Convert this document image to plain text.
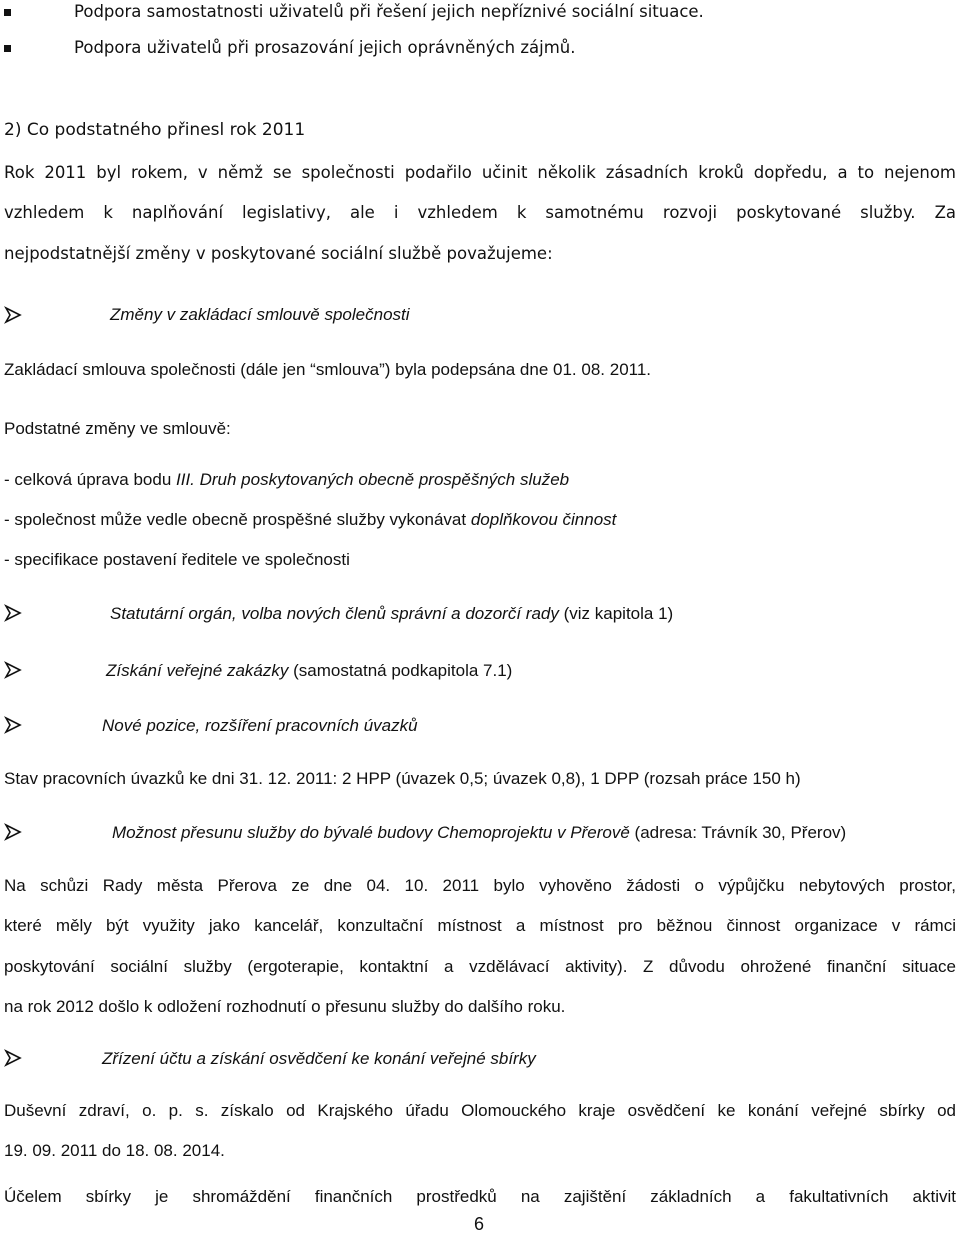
Podpora samostatnosti uživatelů při řešení jejich nepříznivé sociální situace.
Podpora uživatelů při prosazování jejich oprávněných zájmů.
2) Co podstatného přinesl rok 2011
Rok 2011 byl rokem, v němž se společnosti podařilo učinit několik zásadních kroků dopředu, a to nejenom
vzhledem k naplňování legislativy, ale i vzhledem k samotnému rozvoji poskytované služby. Za
nejpodstatnější změny v poskytované sociální službě považujeme:
Změny v zakládací smlouvě společnosti
Zakládací smlouva společnosti (dále jen “smlouva”) byla podepsána dne 01. 08. 2011.
Podstatné změny ve smlouvě:
- celková úprava bodu III. Druh poskytovaných obecně prospěšných služeb
- společnost může vedle obecně prospěšné služby vykonávat doplňkovou činnost
- specifikace postavení ředitele ve společnosti
Statutární orgán, volba nových členů správní a dozorčí rady (viz kapitola 1)
Získání veřejné zakázky (samostatná podkapitola 7.1)
Nové pozice, rozšíření pracovních úvazků
Stav pracovních úvazků ke dni 31. 12. 2011: 2 HPP (úvazek 0,5; úvazek 0,8), 1 DPP (rozsah práce 150 h)
Možnost přesunu služby do bývalé budovy Chemoprojektu v Přerově (adresa: Trávník 30, Přerov)
Na schůzi Rady města Přerova ze dne 04. 10. 2011 bylo vyhověno žádosti o výpůjčku nebytových prostor,
které měly být využity jako kancelář, konzultační místnost a místnost pro běžnou činnost organizace v rámci
poskytování sociální služby (ergoterapie, kontaktní a vzdělávací aktivity). Z důvodu ohrožené finanční situace
na rok 2012 došlo k odložení rozhodnutí o přesunu služby do dalšího roku.
Zřízení účtu a získání osvědčení ke konání veřejné sbírky
Duševní zdraví, o. p. s. získalo od Krajského úřadu Olomouckého kraje osvědčení ke konání veřejné sbírky od
19. 09. 2011 do 18. 08. 2014.
Účelem sbírky je shromáždění finančních prostředků na zajištění základních a fakultativních aktivit
6
